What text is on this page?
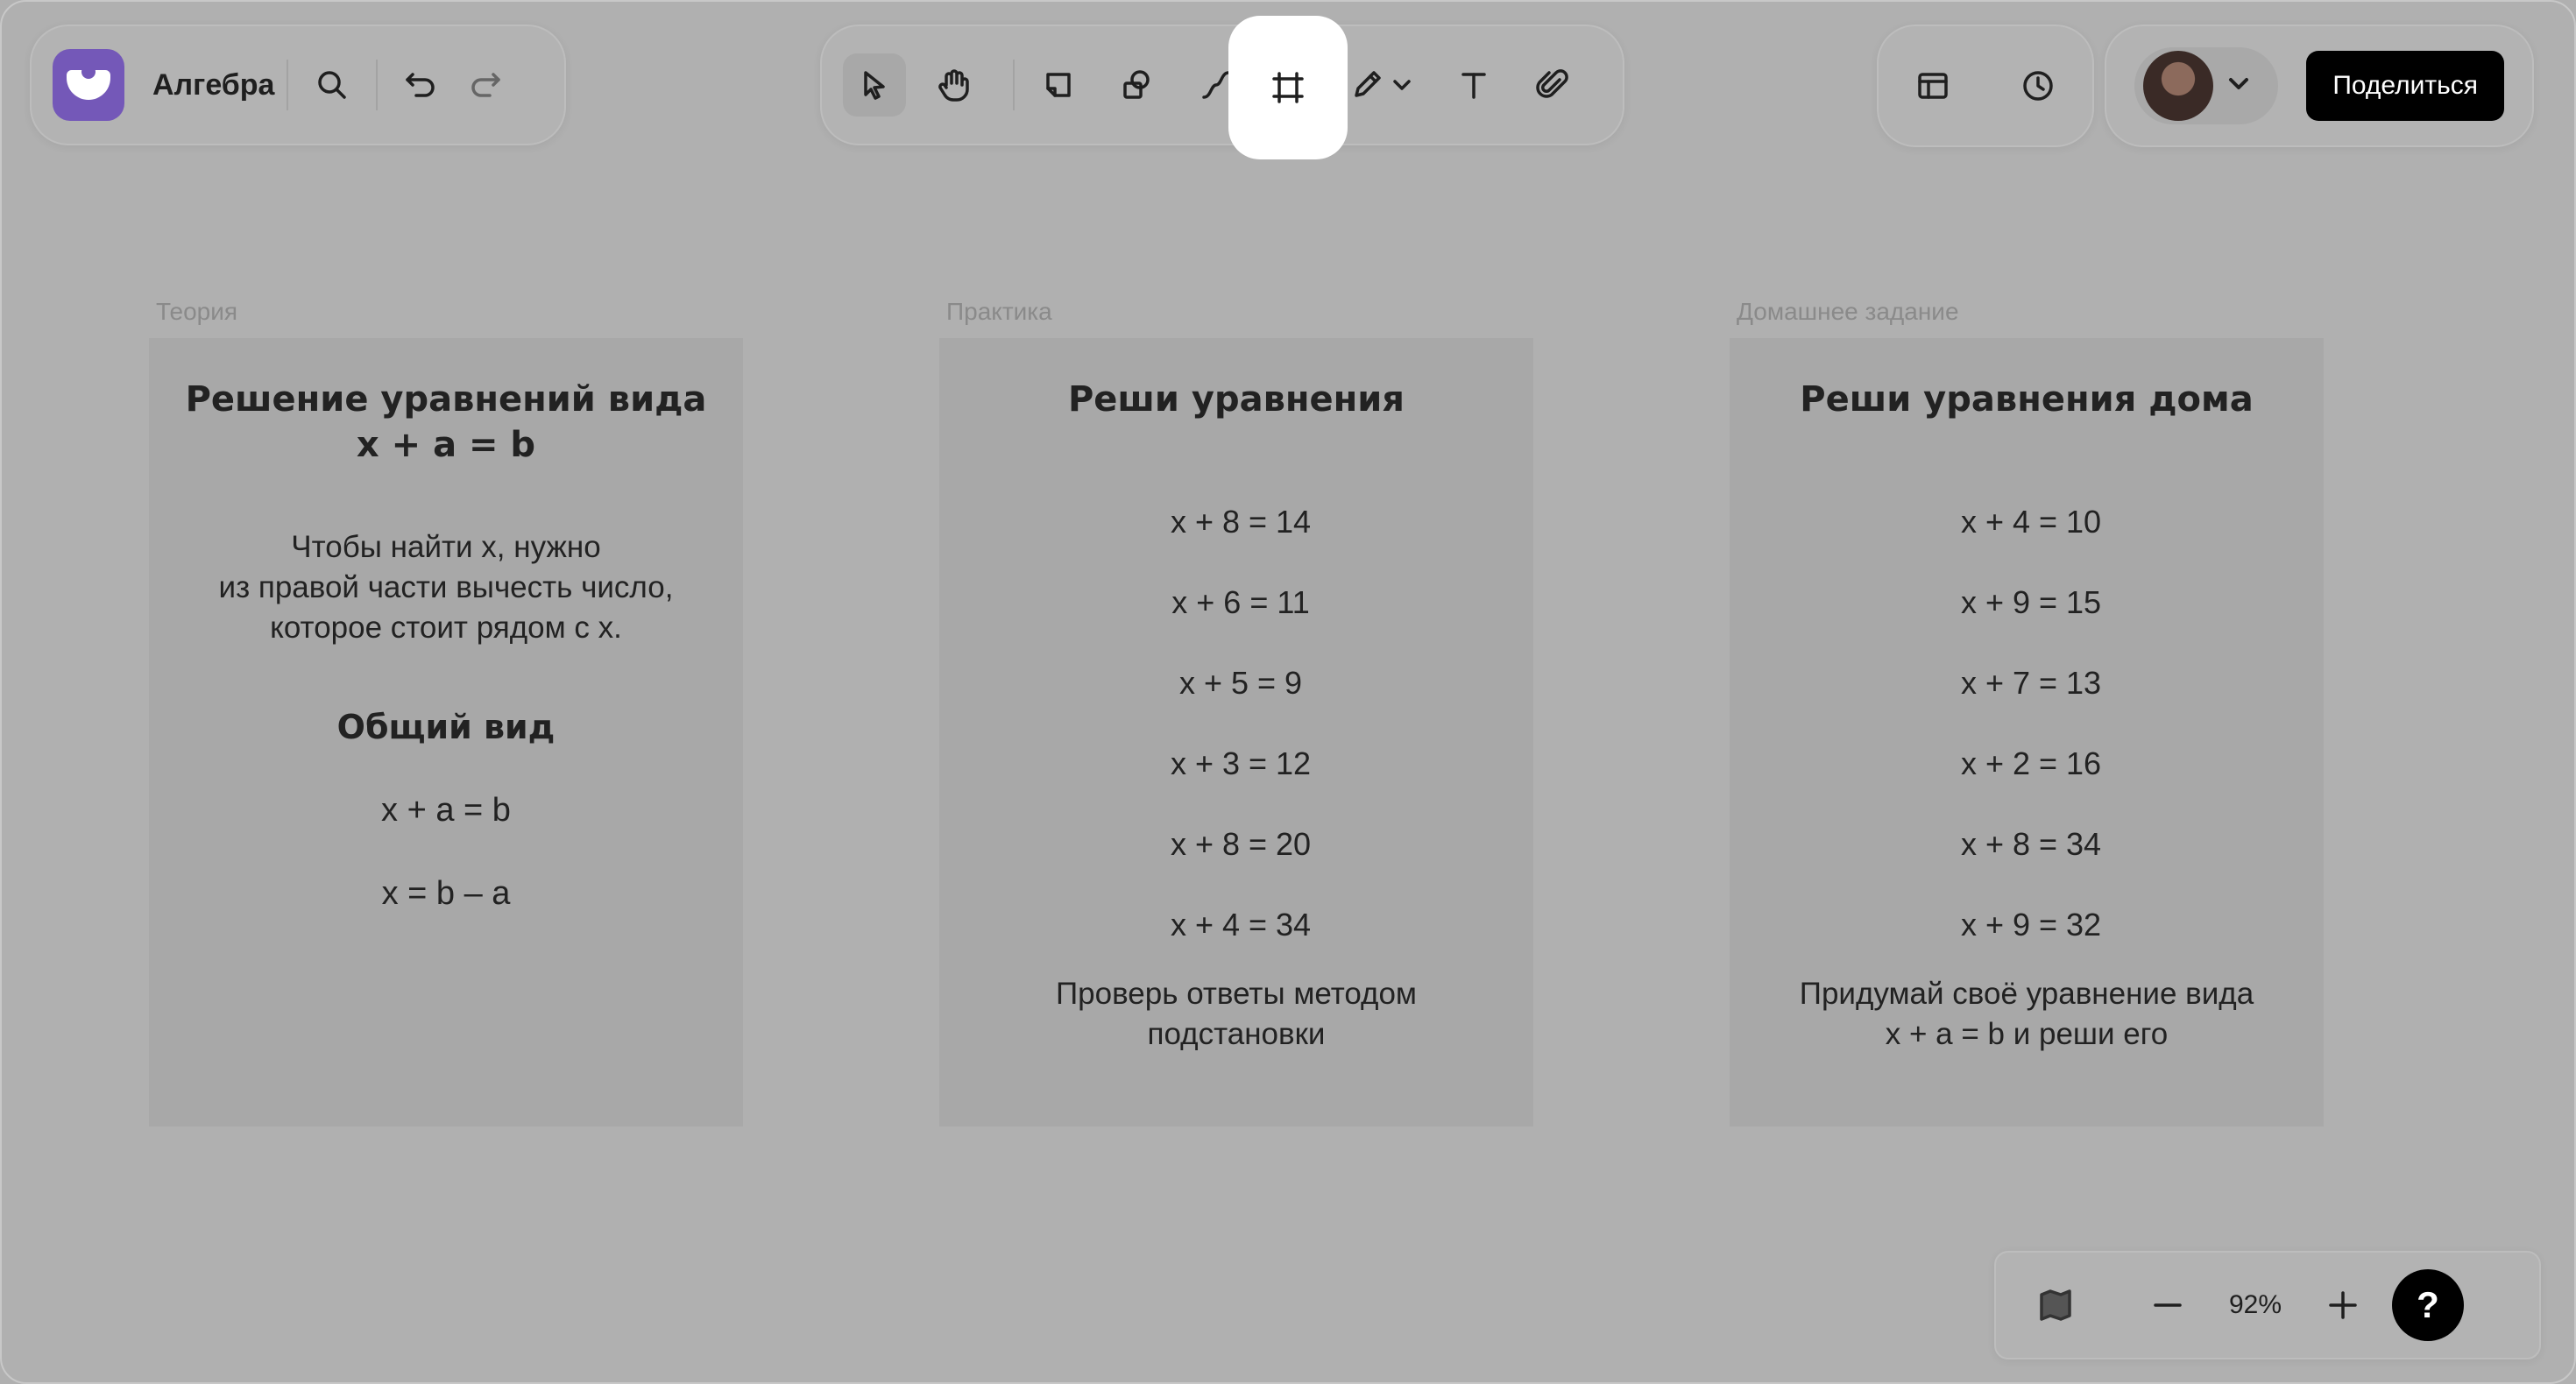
Алгебра	Поделиться
Теория	Практика	Домашнее задание
Решение уравнений вида
x + a = b
Чтобы найти x, нужно
из правой части вычесть число,
которое стоит рядом с x.
Общий вид
x + a = b
x = b – a
Реши уравнения
x + 8 = 14
x + 6 = 11
x + 5 = 9
x + 3 = 12
x + 8 = 20
x + 4 = 34
Проверь ответы методом
подстановки
Реши уравнения дома
x + 4 = 10
x + 9 = 15
x + 7 = 13
x + 2 = 16
x + 8 = 34
x + 9 = 32
Придумай своё уравнение вида
x + a = b и реши его
92%	?
